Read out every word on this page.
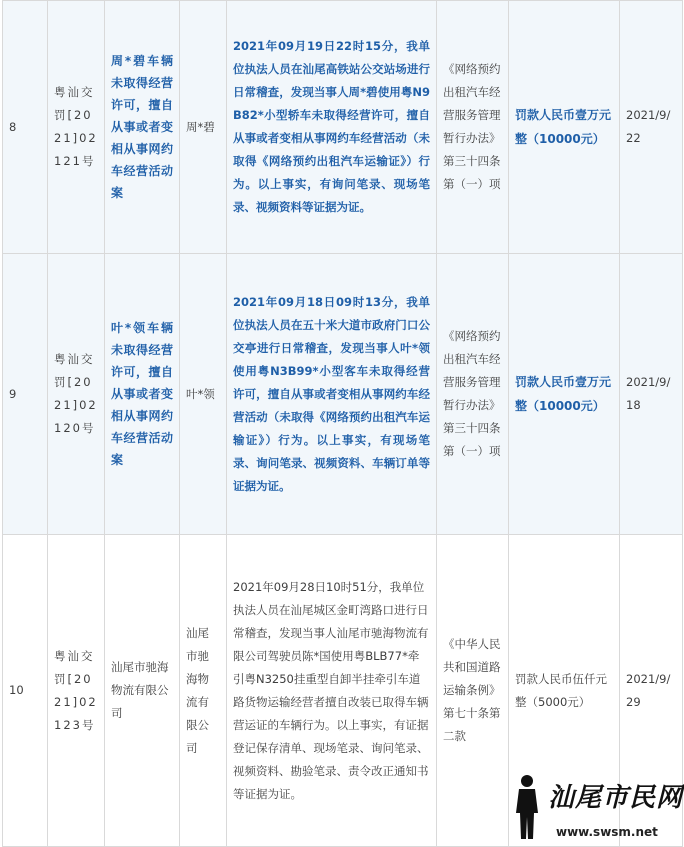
8	粤汕交罚[2021]02121号	周*碧车辆未取得经营许可，擅自从事或者变相从事网约车经营活动案	周*碧	2021年09月19日22时15分，我单位执法人员在汕尾高铁站公交站场进行日常稽查，发现当事人周*碧使用粤N9B82*小型轿车未取得经营许可，擅自从事或者变相从事网约车经营活动（未取得《网络预约出租汽车运输证》）行为。以上事实，有询问笔录、现场笔录、视频资料等证据为证。	《网络预约出租汽车经营服务管理暂行办法》第三十四条第（一）项	罚款人民币壹万元整（10000元）	2021/9/22
9	粤汕交罚[2021]02120号	叶*领车辆未取得经营许可，擅自从事或者变相从事网约车经营活动案	叶*领	2021年09月18日09时13分，我单位执法人员在五十米大道市政府门口公交亭进行日常稽查，发现当事人叶*领使用粤N3B99*小型客车未取得经营许可，擅自从事或者变相从事网约车经营活动（未取得《网络预约出租汽车运输证》）行为。以上事实，有现场笔录、询问笔录、视频资料、车辆订单等证据为证。	《网络预约出租汽车经营服务管理暂行办法》第三十四条第（一）项	罚款人民币壹万元整（10000元）	2021/9/18
10	粤汕交罚[2021]02123号	汕尾市驰海物流有限公司	汕尾市驰海物流有限公司	2021年09月28日10时51分，我单位执法人员在汕尾城区金町湾路口进行日常稽查，发现当事人汕尾市驰海物流有限公司驾驶员陈*国使用粤BLB77*牵引粤N3250挂重型自卸半挂牵引车道路货物运输经营者擅自改装已取得车辆营运证的车辆行为。以上事实，有证据登记保存清单、现场笔录、询问笔录、视频资料、勘验笔录、责令改正通知书等证据为证。	《中华人民共和国道路运输条例》第七十条第二款	罚款人民币伍仟元整（5000元）	2021/9/29
汕尾市民网
www.swsm.net
